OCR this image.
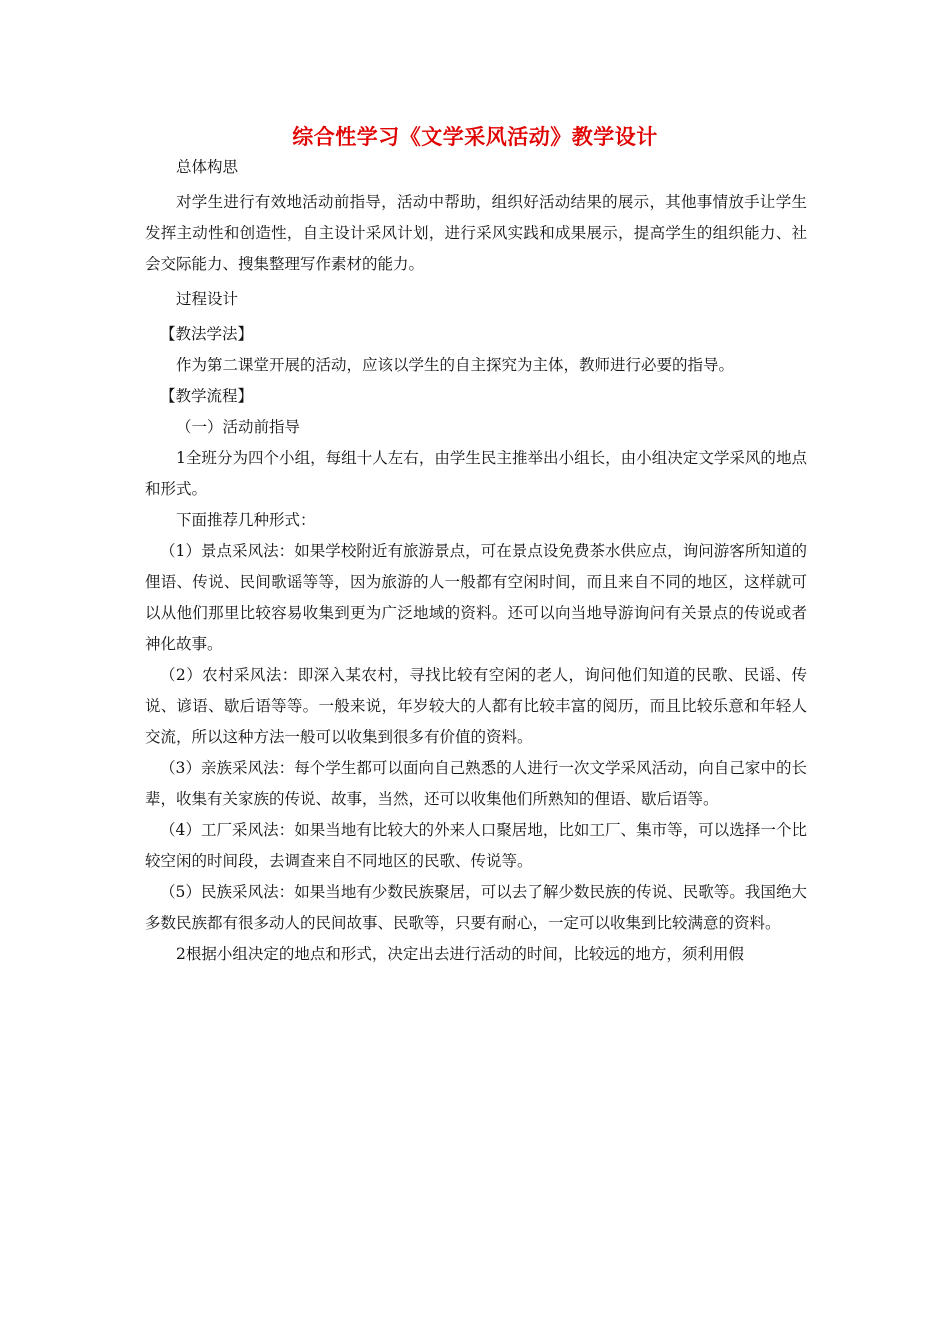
综合性学习《文学采风活动》教学设计

总体构思

对学生进行有效地活动前指导，活动中帮助，组织好活动结果的展示，其他事情放手让学生发挥主动性和创造性，自主设计采风计划，进行采风实践和成果展示，提高学生的组织能力、社会交际能力、搜集整理写作素材的能力。

过程设计

【教法学法】

作为第二课堂开展的活动，应该以学生的自主探究为主体，教师进行必要的指导。

【教学流程】

（一）活动前指导

1全班分为四个小组，每组十人左右，由学生民主推举出小组长，由小组决定文学采风的地点和形式。

下面推荐几种形式：

（1）景点采风法：如果学校附近有旅游景点，可在景点设免费茶水供应点，询问游客所知道的俚语、传说、民间歌谣等等，因为旅游的人一般都有空闲时间，而且来自不同的地区，这样就可以从他们那里比较容易收集到更为广泛地域的资料。还可以向当地导游询问有关景点的传说或者神化故事。

（2）农村采风法：即深入某农村，寻找比较有空闲的老人，询问他们知道的民歌、民谣、传说、谚语、歇后语等等。一般来说，年岁较大的人都有比较丰富的阅历，而且比较乐意和年轻人交流，所以这种方法一般可以收集到很多有价值的资料。

（3）亲族采风法：每个学生都可以面向自己熟悉的人进行一次文学采风活动，向自己家中的长辈，收集有关家族的传说、故事，当然，还可以收集他们所熟知的俚语、歇后语等。

（4）工厂采风法：如果当地有比较大的外来人口聚居地，比如工厂、集市等，可以选择一个比较空闲的时间段，去调查来自不同地区的民歌、传说等。

（5）民族采风法：如果当地有少数民族聚居，可以去了解少数民族的传说、民歌等。我国绝大多数民族都有很多动人的民间故事、民歌等，只要有耐心，一定可以收集到比较满意的资料。

2根据小组决定的地点和形式，决定出去进行活动的时间，比较远的地方，须利用假
